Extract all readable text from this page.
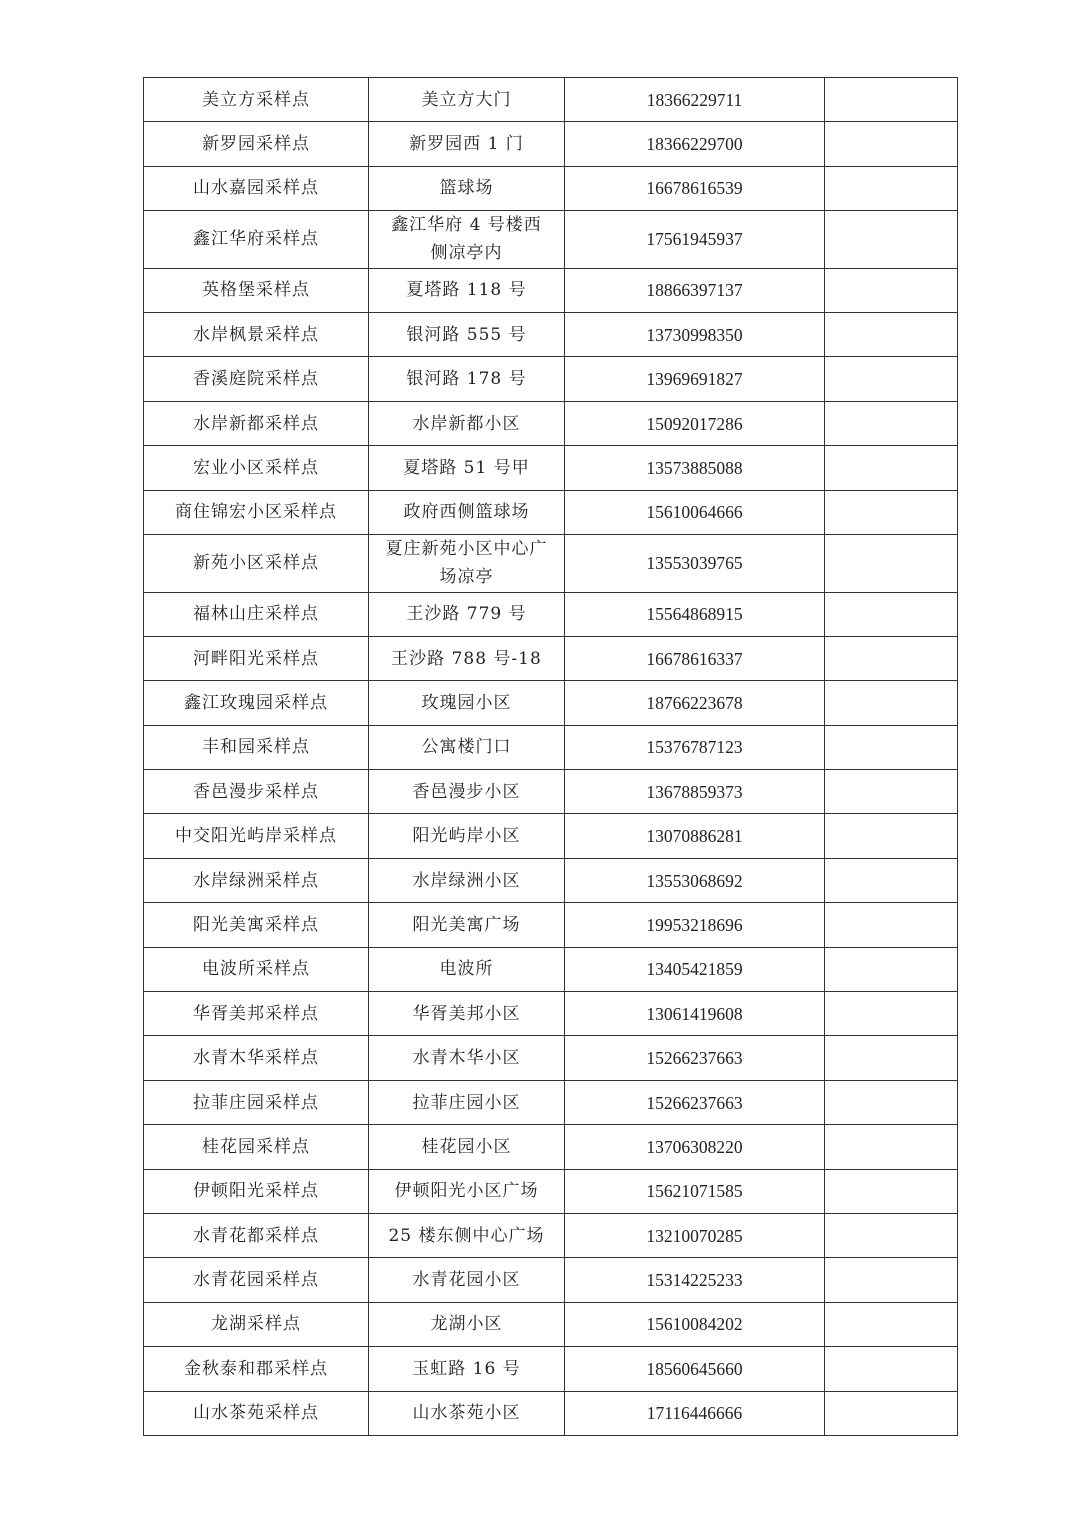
美立方采样点	美立方大门	18366229711	
新罗园采样点	新罗园西 1 门	18366229700	
山水嘉园采样点	篮球场	16678616539	
鑫江华府采样点	鑫江华府 4 号楼西侧凉亭内	17561945937	
英格堡采样点	夏塔路 118 号	18866397137	
水岸枫景采样点	银河路 555 号	13730998350	
香溪庭院采样点	银河路 178 号	13969691827	
水岸新都采样点	水岸新都小区	15092017286	
宏业小区采样点	夏塔路 51 号甲	13573885088	
商住锦宏小区采样点	政府西侧篮球场	15610064666	
新苑小区采样点	夏庄新苑小区中心广场凉亭	13553039765	
福林山庄采样点	王沙路 779 号	15564868915	
河畔阳光采样点	王沙路 788 号-18	16678616337	
鑫江玫瑰园采样点	玫瑰园小区	18766223678	
丰和园采样点	公寓楼门口	15376787123	
香邑漫步采样点	香邑漫步小区	13678859373	
中交阳光屿岸采样点	阳光屿岸小区	13070886281	
水岸绿洲采样点	水岸绿洲小区	13553068692	
阳光美寓采样点	阳光美寓广场	19953218696	
电波所采样点	电波所	13405421859	
华胥美邦采样点	华胥美邦小区	13061419608	
水青木华采样点	水青木华小区	15266237663	
拉菲庄园采样点	拉菲庄园小区	15266237663	
桂花园采样点	桂花园小区	13706308220	
伊顿阳光采样点	伊顿阳光小区广场	15621071585	
水青花都采样点	25 楼东侧中心广场	13210070285	
水青花园采样点	水青花园小区	15314225233	
龙湖采样点	龙湖小区	15610084202	
金秋泰和郡采样点	玉虹路 16 号	18560645660	
山水茶苑采样点	山水茶苑小区	17116446666	
